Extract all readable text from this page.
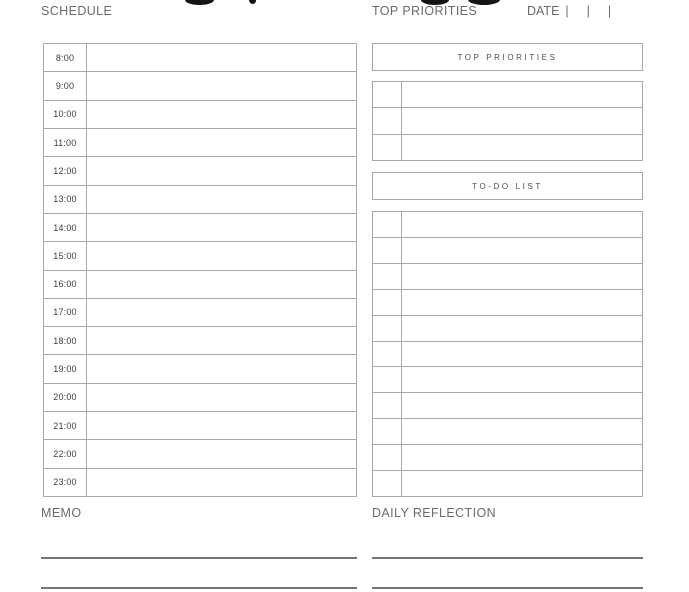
SCHEDULE	TOP PRIORITIES	DATE | | |
8:00
9:00
10:00
11:00
12:00
13:00
14:00
15:00
16:00
17:00
18:00
19:00
20:00
21:00
22:00
23:00
TOP PRIORITIES
TO-DO LIST
MEMO	DAILY REFLECTION
